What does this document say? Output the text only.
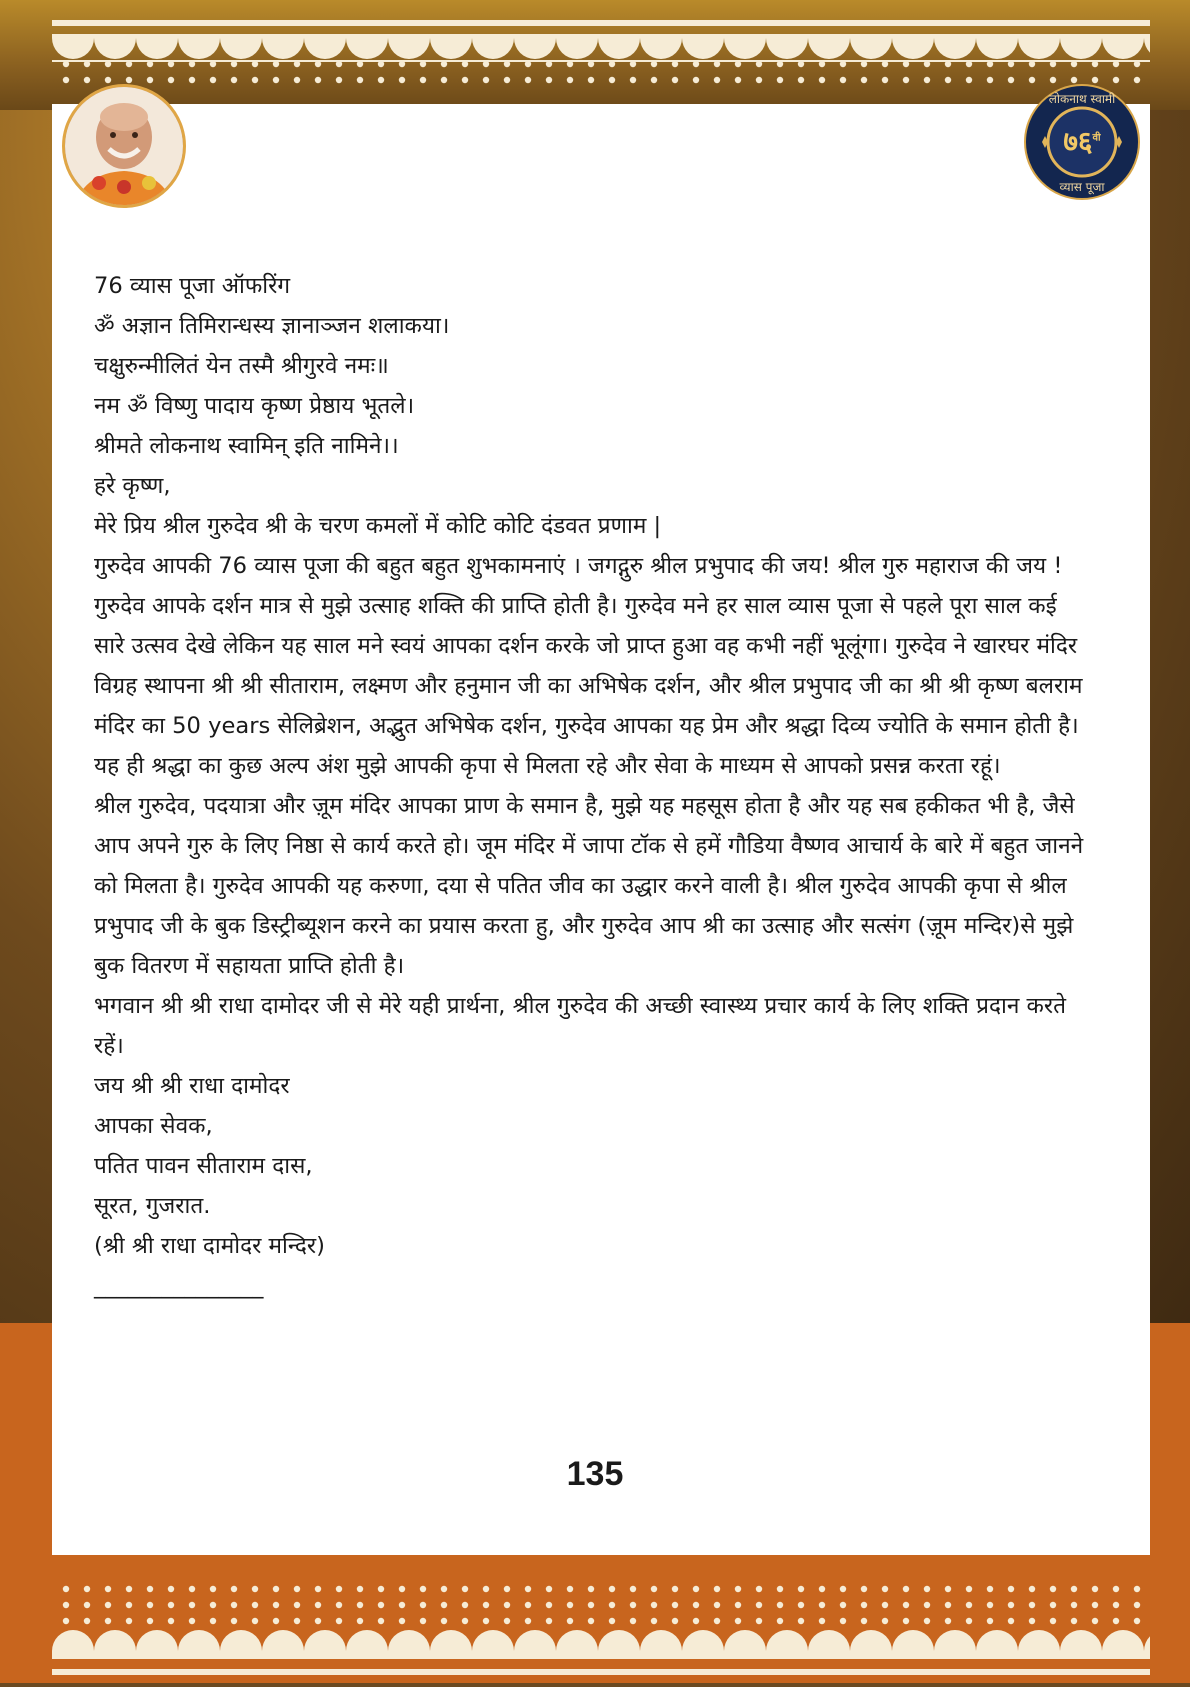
लोकनाथ स्वामी
$७६^{वी}$
व्यास पूजा

76 व्यास पूजा ऑफरिंग

ॐ अज्ञान तिमिरान्धस्य ज्ञानाञ्जन शलाकया।

चक्षुरुन्मीलितं येन तस्मै श्रीगुरवे नमः॥

नम ॐ विष्णु पादाय कृष्ण प्रेष्ठाय भूतले।

श्रीमते लोकनाथ स्वामिन् इति नामिने।।

हरे कृष्ण,

मेरे प्रिय श्रील गुरुदेव श्री के चरण कमलों में कोटि कोटि दंडवत प्रणाम |

गुरुदेव आपकी 76 व्यास पूजा की बहुत बहुत शुभकामनाएं । जगद्गुरु श्रील प्रभुपाद की जय! श्रील गुरु महाराज की जय !

गुरुदेव आपके दर्शन मात्र से मुझे उत्साह शक्ति की प्राप्ति होती है। गुरुदेव मने हर साल व्यास पूजा से पहले पूरा साल कई सारे उत्सव देखे लेकिन यह साल मने स्वयं आपका दर्शन करके जो प्राप्त हुआ वह कभी नहीं भूलूंगा। गुरुदेव ने खारघर मंदिर विग्रह स्थापना श्री श्री सीताराम, लक्ष्मण और हनुमान जी का अभिषेक दर्शन, और श्रील प्रभुपाद जी का श्री श्री कृष्ण बलराम मंदिर का 50 years सेलिब्रेशन, अद्भुत अभिषेक दर्शन, गुरुदेव आपका यह प्रेम और श्रद्धा दिव्य ज्योति के समान होती है। यह ही श्रद्धा का कुछ अल्प अंश मुझे आपकी कृपा से मिलता रहे और सेवा के माध्यम से आपको प्रसन्न करता रहूं।

श्रील गुरुदेव, पदयात्रा और ज़ूम मंदिर आपका प्राण के समान है, मुझे यह महसूस होता है और यह सब हकीकत भी है, जैसे आप अपने गुरु के लिए निष्ठा से कार्य करते हो। जूम मंदिर में जापा टॉक से हमें गौडिया वैष्णव आचार्य के बारे में बहुत जानने को मिलता है। गुरुदेव आपकी यह करुणा, दया से पतित जीव का उद्धार करने वाली है। श्रील गुरुदेव आपकी कृपा से श्रील प्रभुपाद जी के बुक डिस्ट्रीब्यूशन करने का प्रयास करता हु, और गुरुदेव आप श्री का उत्साह और सत्संग (ज़ूम मन्दिर)से मुझे बुक वितरण में सहायता प्राप्ति होती है।

भगवान श्री श्री राधा दामोदर जी से मेरे यही प्रार्थना, श्रील गुरुदेव की अच्छी स्वास्थ्य प्रचार कार्य के लिए शक्ति प्रदान करते रहें।

जय श्री श्री राधा दामोदर

आपका सेवक,

पतित पावन सीताराम दास,

सूरत, गुजरात.

(श्री श्री राधा दामोदर मन्दिर)

_______________

135
